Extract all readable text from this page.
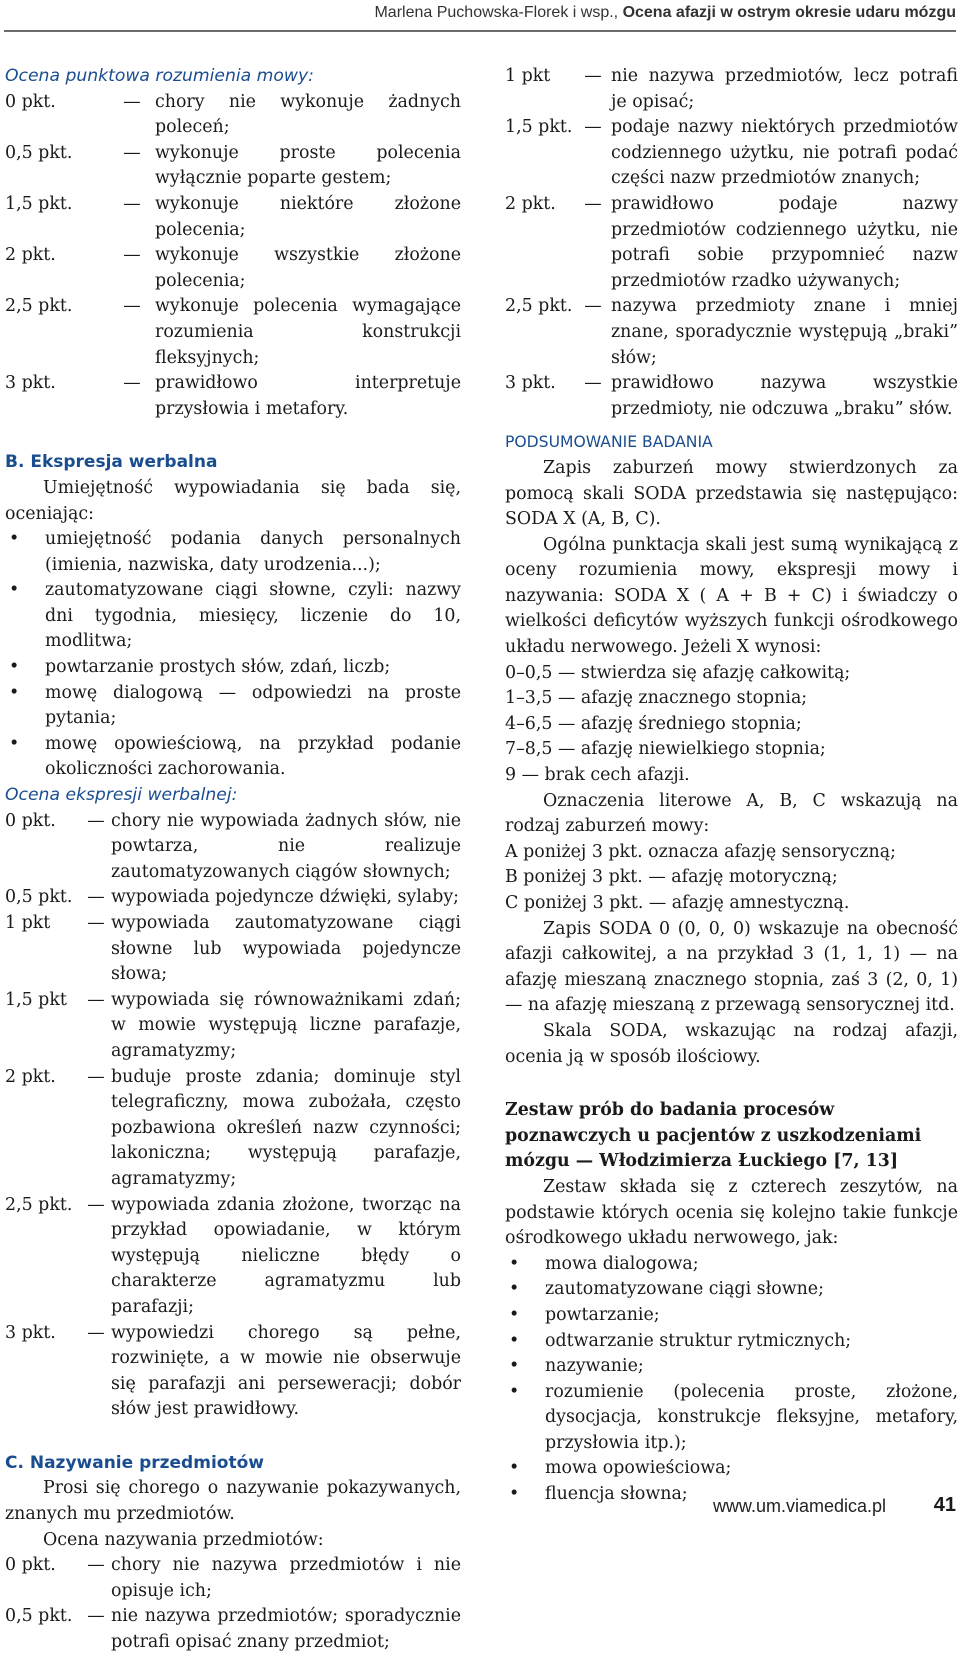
Marlena Puchowska-Florek i wsp., Ocena afazji w ostrym okresie udaru mózgu
Ocena punktowa rozumienia mowy:
0 pkt.	— chory nie wykonuje żadnych poleceń;
0,5 pkt.	— wykonuje proste polecenia wyłącznie poparte gestem;
1,5 pkt.	— wykonuje niektóre złożone polecenia;
2 pkt.	— wykonuje wszystkie złożone polecenia;
2,5 pkt.	— wykonuje polecenia wymagające rozumienia konstrukcji fleksyjnych;
3 pkt.	— prawidłowo interpretuje przysłowia i metafory.
B. Ekspresja werbalna
Umiejętność wypowiadania się bada się, oceniając:
•	umiejętność podania danych personalnych (imienia, nazwiska, daty urodzenia...);
•	zautomatyzowane ciągi słowne, czyli: nazwy dni tygodnia, miesięcy, liczenie do 10, modlitwa;
•	powtarzanie prostych słów, zdań, liczb;
•	mowę dialogową — odpowiedzi na proste pytania;
•	mowę opowieściową, na przykład podanie okoliczności zachorowania.
Ocena ekspresji werbalnej:
0 pkt.	— chory nie wypowiada żadnych słów, nie powtarza, nie realizuje zautomatyzowanych ciągów słownych;
0,5 pkt. — wypowiada pojedyncze dźwięki, sylaby;
1 pkt	— wypowiada zautomatyzowane ciągi słowne lub wypowiada pojedyncze słowa;
1,5 pkt	— wypowiada się równoważnikami zdań; w mowie występują liczne parafazje, agramatyzmy;
2 pkt.	— buduje proste zdania; dominuje styl telegraficzny, mowa zubożała, często pozbawiona określeń nazw czynności; lakoniczna; występują parafazje, agramatyzmy;
2,5 pkt. — wypowiada zdania złożone, tworząc na przykład opowiadanie, w którym występują nieliczne błędy o charakterze agramatyzmu lub parafazji;
3 pkt.	— wypowiedzi chorego są pełne, rozwinięte, a w mowie nie obserwuje się parafazji ani perseweracji; dobór słów jest prawidłowy.
C. Nazywanie przedmiotów
Prosi się chorego o nazywanie pokazywanych, znanych mu przedmiotów.
Ocena nazywania przedmiotów:
0 pkt.	— chory nie nazywa przedmiotów i nie opisuje ich;
0,5 pkt. — nie nazywa przedmiotów; sporadycznie potrafi opisać znany przedmiot;
1 pkt	— nie nazywa przedmiotów, lecz potrafi je opisać;
1,5 pkt. — podaje nazwy niektórych przedmiotów codziennego użytku, nie potrafi podać części nazw przedmiotów znanych;
2 pkt.	— prawidłowo podaje nazwy przedmiotów codziennego użytku, nie potrafi sobie przypomnieć nazw przedmiotów rzadko używanych;
2,5 pkt. — nazywa przedmioty znane i mniej znane, sporadycznie występują „braki” słów;
3 pkt.	— prawidłowo nazywa wszystkie przedmioty, nie odczuwa „braku” słów.
PODSUMOWANIE BADANIA
Zapis zaburzeń mowy stwierdzonych za pomocą skali SODA przedstawia się następująco: SODA X (A, B, C).
Ogólna punktacja skali jest sumą wynikającą z oceny rozumienia mowy, ekspresji mowy i nazywania: SODA X ( A + B + C) i świadczy o wielkości deficytów wyższych funkcji ośrodkowego układu nerwowego. Jeżeli X wynosi:
0–0,5 — stwierdza się afazję całkowitą;
1–3,5 — afazję znacznego stopnia;
4–6,5 — afazję średniego stopnia;
7–8,5 — afazję niewielkiego stopnia;
9 — brak cech afazji.
Oznaczenia literowe A, B, C wskazują na rodzaj zaburzeń mowy:
A poniżej 3 pkt. oznacza afazję sensoryczną;
B poniżej 3 pkt. — afazję motoryczną;
C poniżej 3 pkt. — afazję amnestyczną.
Zapis SODA 0 (0, 0, 0) wskazuje na obecność afazji całkowitej, a na przykład 3 (1, 1, 1) — na afazję mieszaną znacznego stopnia, zaś 3 (2, 0, 1) — na afazję mieszaną z przewagą sensorycznej itd.
Skala SODA, wskazując na rodzaj afazji, ocenia ją w sposób ilościowy.
Zestaw prób do badania procesów poznawczych u pacjentów z uszkodzeniami mózgu — Włodzimierza Łuckiego [7, 13]
Zestaw składa się z czterech zeszytów, na podstawie których ocenia się kolejno takie funkcje ośrodkowego układu nerwowego, jak:
•	mowa dialogowa;
•	zautomatyzowane ciągi słowne;
•	powtarzanie;
•	odtwarzanie struktur rytmicznych;
•	nazywanie;
•	rozumienie (polecenia proste, złożone, dysocjacja, konstrukcje fleksyjne, metafory, przysłowia itp.);
•	mowa opowieściowa;
•	fluencja słowna;
www.um.viamedica.pl 41
